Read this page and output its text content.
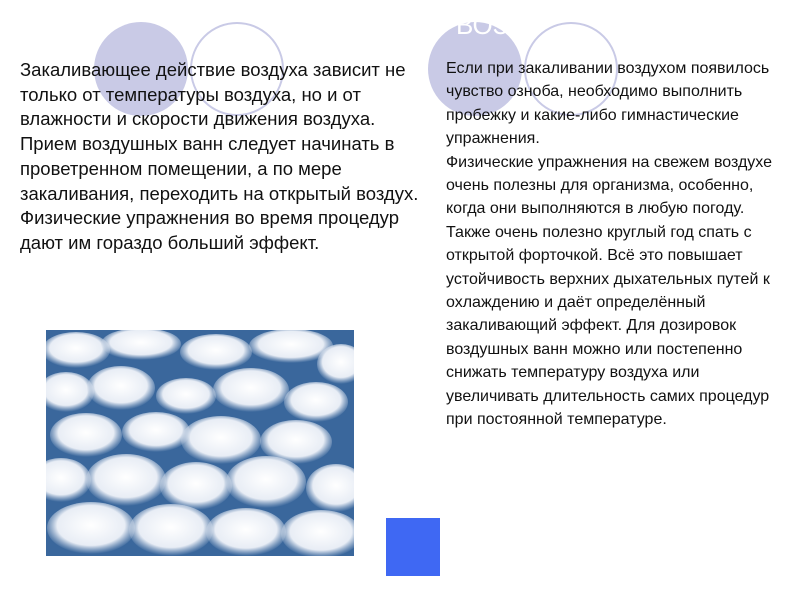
ВОЗ

Закаливающее действие воздуха зависит не только от температуры воздуха, но и от влажности и скорости движения воздуха.

Прием воздушных ванн следует начинать в проветренном помещении, а по мере закаливания, переходить на открытый воздух. Физические упражнения во время процедур дают им гораздо больший эффект.

Если при закаливании воздухом появилось чувство озноба, необходимо выполнить пробежку и какие-либо гимнастические упражнения.

Физические упражнения на свежем воздухе очень полезны для организма, особенно, когда они выполняются в любую погоду. Также очень полезно круглый год спать с открытой форточкой. Всё это повышает устойчивость верхних дыхательных путей к охлаждению и даёт определённый закаливающий эффект. Для дозировок воздушных ванн можно или постепенно снижать температуру воздуха или увеличивать длительность самих процедур при постоянной температуре.
